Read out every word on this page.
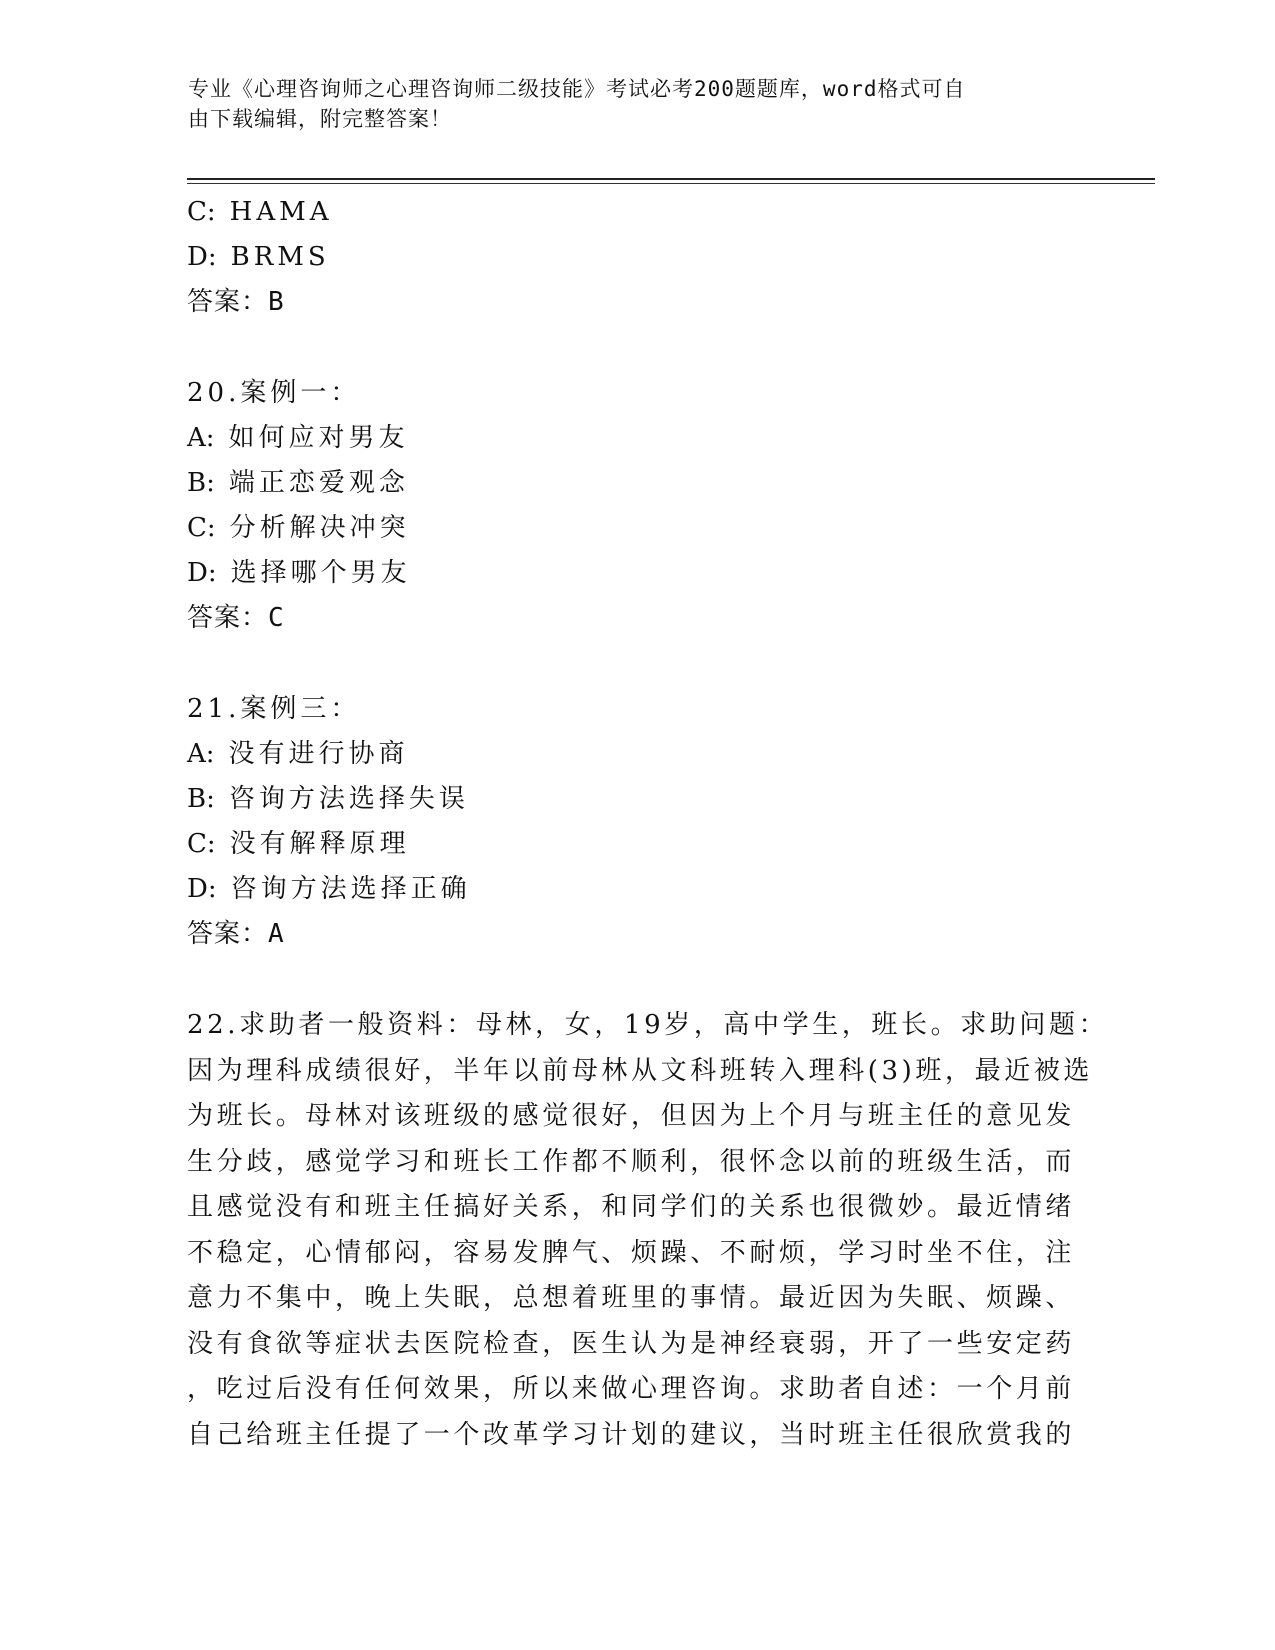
专业《心理咨询师之心理咨询师二级技能》考试必考200题题库，word格式可自
由下载编辑，附完整答案！
C: HAMA
D: BRMS
答案：B
20.案例一：
A: 如何应对男友
B: 端正恋爱观念
C: 分析解决冲突
D: 选择哪个男友
答案：C
21.案例三：
A: 没有进行协商
B: 咨询方法选择失误
C: 没有解释原理
D: 咨询方法选择正确
答案：A
22.求助者一般资料：母林，女，19岁，高中学生，班长。求助问题：
因为理科成绩很好，半年以前母林从文科班转入理科(3)班，最近被选
为班长。母林对该班级的感觉很好，但因为上个月与班主任的意见发
生分歧，感觉学习和班长工作都不顺利，很怀念以前的班级生活，而
且感觉没有和班主任搞好关系，和同学们的关系也很微妙。最近情绪
不稳定，心情郁闷，容易发脾气、烦躁、不耐烦，学习时坐不住，注
意力不集中，晚上失眠，总想着班里的事情。最近因为失眠、烦躁、
没有食欲等症状去医院检查，医生认为是神经衰弱，开了一些安定药
，吃过后没有任何效果，所以来做心理咨询。求助者自述：一个月前
自己给班主任提了一个改革学习计划的建议，当时班主任很欣赏我的
